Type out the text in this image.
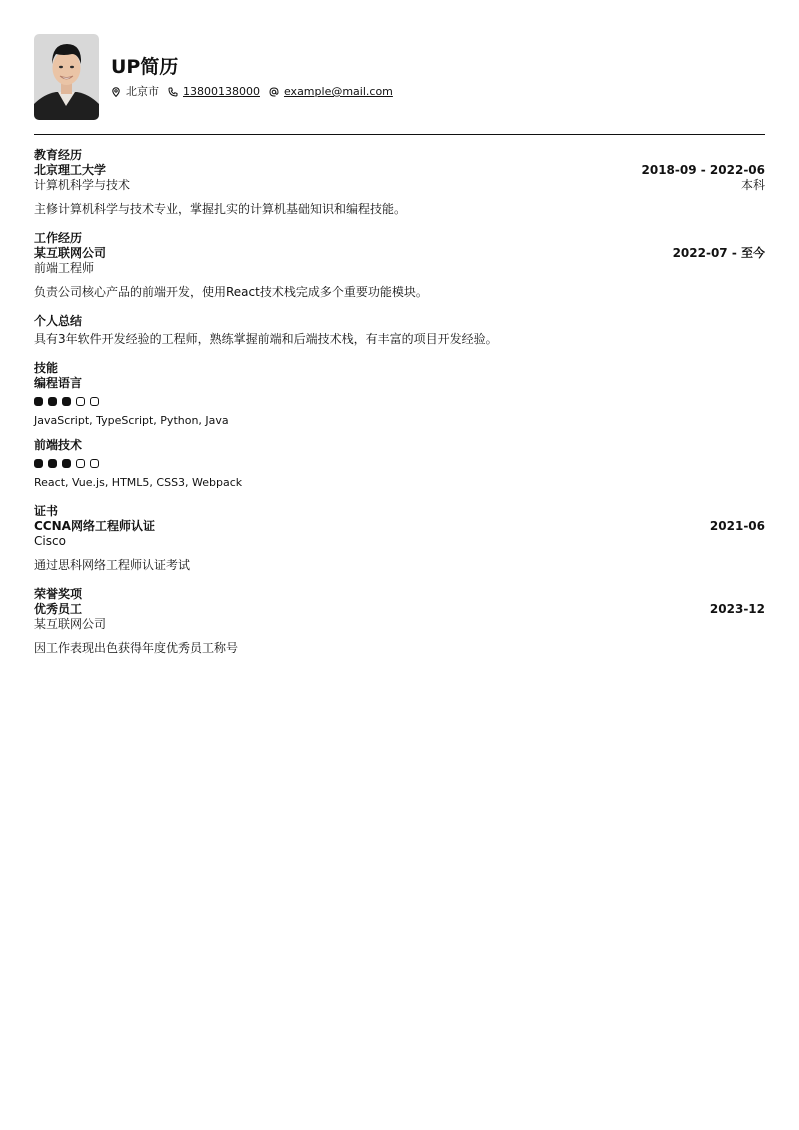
UP简历
北京市 13800138000 example@mail.com
教育经历
北京理工大学	2018-09 - 2022-06
计算机科学与技术	本科
主修计算机科学与技术专业，掌握扎实的计算机基础知识和编程技能。
工作经历
某互联网公司	2022-07 - 至今
前端工程师
负责公司核心产品的前端开发，使用React技术栈完成多个重要功能模块。
个人总结
具有3年软件开发经验的工程师，熟练掌握前端和后端技术栈，有丰富的项目开发经验。
技能
编程语言
JavaScript, TypeScript, Python, Java
前端技术
React, Vue.js, HTML5, CSS3, Webpack
证书
CCNA网络工程师认证	2021-06
Cisco
通过思科网络工程师认证考试
荣誉奖项
优秀员工	2023-12
某互联网公司
因工作表现出色获得年度优秀员工称号
